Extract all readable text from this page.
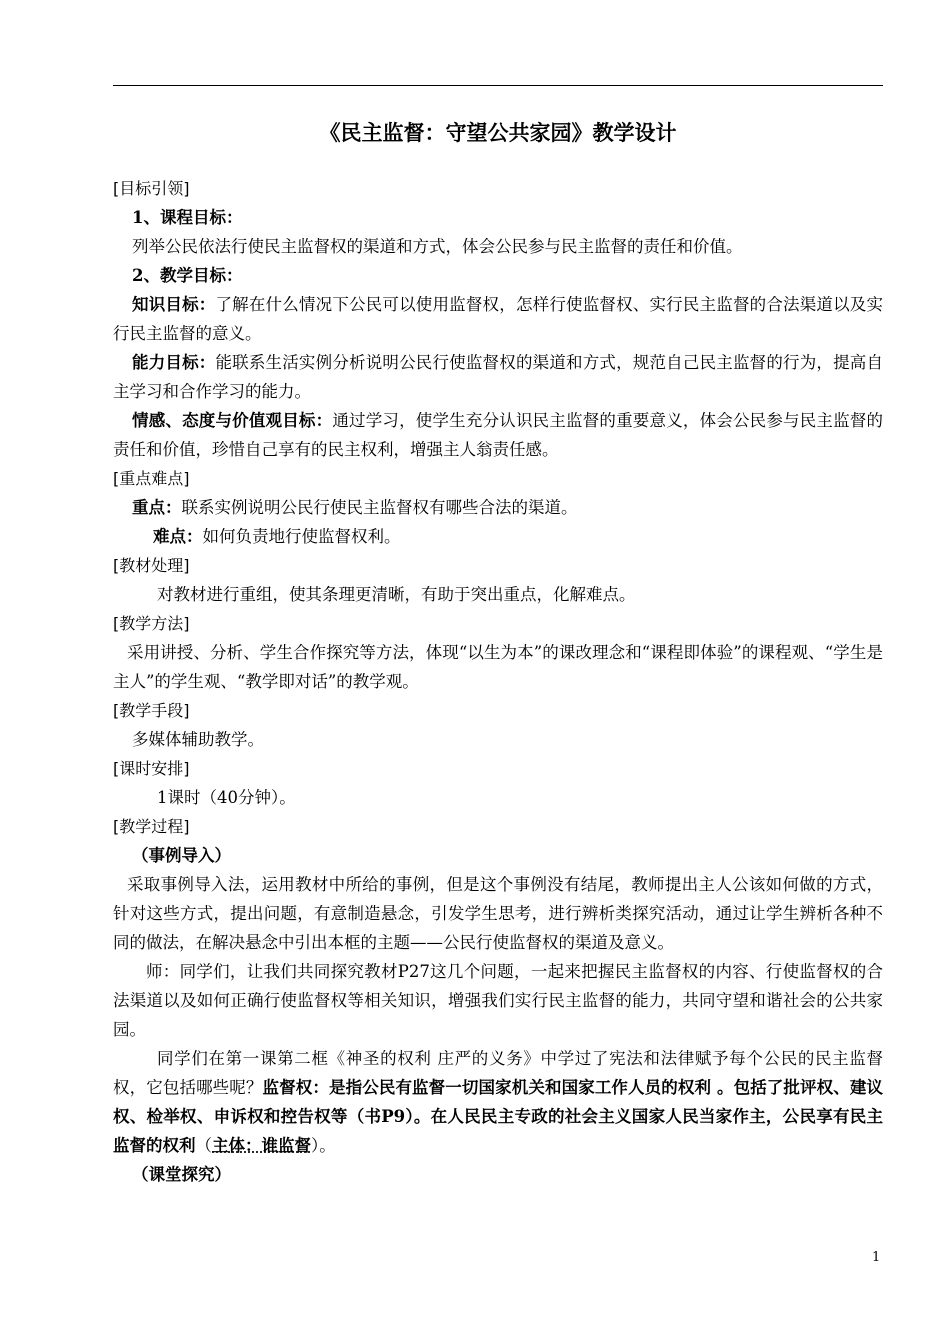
《民主监督：守望公共家园》教学设计

[目标引领]

1、课程目标：

列举公民依法行使民主监督权的渠道和方式，体会公民参与民主监督的责任和价值。

2、教学目标：

知识目标：了解在什么情况下公民可以使用监督权，怎样行使监督权、实行民主监督的合法渠道以及实行民主监督的意义。

能力目标：能联系生活实例分析说明公民行使监督权的渠道和方式，规范自己民主监督的行为，提高自主学习和合作学习的能力。

情感、态度与价值观目标：通过学习，使学生充分认识民主监督的重要意义，体会公民参与民主监督的责任和价值，珍惜自己享有的民主权利，增强主人翁责任感。

[重点难点]

重点：联系实例说明公民行使民主监督权有哪些合法的渠道。

难点：如何负责地行使监督权利。

[教材处理]

对教材进行重组，使其条理更清晰，有助于突出重点，化解难点。

[教学方法]

采用讲授、分析、学生合作探究等方法，体现“以生为本”的课改理念和“课程即体验”的课程观、“学生是主人”的学生观、“教学即对话”的教学观。

[教学手段]

多媒体辅助教学。

[课时安排]

1课时（40分钟）。

[教学过程]

（事例导入）

采取事例导入法，运用教材中所给的事例，但是这个事例没有结尾，教师提出主人公该如何做的方式，针对这些方式，提出问题，有意制造悬念，引发学生思考，进行辨析类探究活动，通过让学生辨析各种不同的做法，在解决悬念中引出本框的主题——公民行使监督权的渠道及意义。

师：同学们，让我们共同探究教材P27这几个问题，一起来把握民主监督权的内容、行使监督权的合法渠道以及如何正确行使监督权等相关知识，增强我们实行民主监督的能力，共同守望和谐社会的公共家园。

同学们在第一课第二框《神圣的权利 庄严的义务》中学过了宪法和法律赋予每个公民的民主监督权，它包括哪些呢？监督权：是指公民有监督一切国家机关和国家工作人员的权利 。包括了批评权、建议权、检举权、申诉权和控告权等（书P9）。在人民民主专政的社会主义国家人民当家作主，公民享有民主监督的权利（主体：谁监督）。

（课堂探究）

1
